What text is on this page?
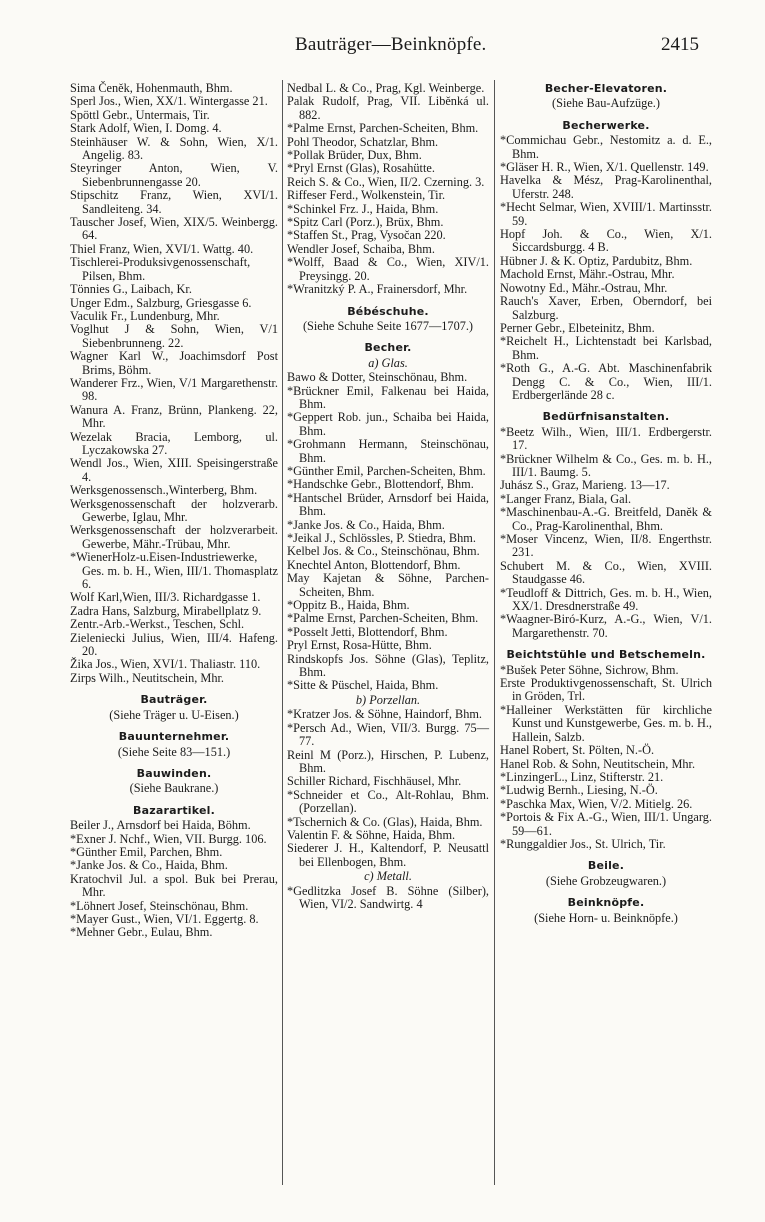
Bauträger—Beinknöpfe.	2415

Sima Čeněk, Hohenmauth, Bhm.

Sperl Jos., Wien, XX/1. Wintergasse 21.

Spöttl Gebr., Untermais, Tir.

Stark Adolf, Wien, I. Domg. 4.

Steinhäuser W. & Sohn, Wien, X/1. Angelig. 83.

Steyringer Anton, Wien, V. Siebenbrunnengasse 20.

Stipschitz Franz, Wien, XVI/1. Sandleiteng. 34.

Tauscher Josef, Wien, XIX/5. Weinbergg. 64.

Thiel Franz, Wien, XVI/1. Wattg. 40.

Tischlerei-Produksivgenossenschaft, Pilsen, Bhm.

Tönnies G., Laibach, Kr.

Unger Edm., Salzburg, Griesgasse 6.

Vaculik Fr., Lundenburg, Mhr.

Voglhut J & Sohn, Wien, V/1 Siebenbrunneng. 22.

Wagner Karl W., Joachimsdorf Post Brims, Böhm.

Wanderer Frz., Wien, V/1 Margarethenstr. 98.

Wanura A. Franz, Brünn, Plankeng. 22, Mhr.

Wezelak Bracia, Lemborg, ul. Lyczakowska 27.

Wendl Jos., Wien, XIII. Speisingerstraße 4.

Werksgenossensch.,Winterberg, Bhm.

Werksgenossenschaft der holzverarb. Gewerbe, Iglau, Mhr.

Werksgenossenschaft der holzverarbeit. Gewerbe, Mähr.-Trübau, Mhr.

*WienerHolz-u.Eisen-Industriewerke, Ges. m. b. H., Wien, III/1. Thomasplatz 6.

Wolf Karl,Wien, III/3. Richardgasse 1.

Zadra Hans, Salzburg, Mirabellplatz 9.

Zentr.-Arb.-Werkst., Teschen, Schl.

Zieleniecki Julius, Wien, III/4. Hafeng. 20.

Žika Jos., Wien, XVI/1. Thaliastr. 110.

Zirps Wilh., Neutitschein, Mhr.

Bauträger.
(Siehe Träger u. U-Eisen.)
Bauunternehmer.
(Siehe Seite 83—151.)
Bauwinden.
(Siehe Baukrane.)
Bazarartikel.

Beiler J., Arnsdorf bei Haida, Böhm.

*Exner J. Nchf., Wien, VII. Burgg. 106.

*Günther Emil, Parchen, Bhm.

*Janke Jos. & Co., Haida, Bhm.

Kratochvil Jul. a spol. Buk bei Prerau, Mhr.

*Löhnert Josef, Steinschönau, Bhm.

*Mayer Gust., Wien, VI/1. Eggertg. 8.

*Mehner Gebr., Eulau, Bhm.

Nedbal L. & Co., Prag, Kgl. Weinberge.

Palak Rudolf, Prag, VII. Liběnká ul. 882.

*Palme Ernst, Parchen-Scheiten, Bhm.

Pohl Theodor, Schatzlar, Bhm.

*Pollak Brüder, Dux, Bhm.

*Pryl Ernst (Glas), Rosahütte.

Reich S. & Co., Wien, II/2. Czerning. 3.

Riffeser Ferd., Wolkenstein, Tir.

*Schinkel Frz. J., Haida, Bhm.

*Spitz Carl (Porz.), Brüx, Bhm.

*Staffen St., Prag, Vysočan 220.

Wendler Josef, Schaiba, Bhm.

*Wolff, Baad & Co., Wien, XIV/1. Preysingg. 20.

*Wranitzký P. A., Frainersdorf, Mhr.

Bébéschuhe.
(Siehe Schuhe Seite 1677—1707.)
Becher.
a) Glas.

Bawo & Dotter, Steinschönau, Bhm.

*Brückner Emil, Falkenau bei Haida, Bhm.

*Geppert Rob. jun., Schaiba bei Haida, Bhm.

*Grohmann Hermann, Steinschönau, Bhm.

*Günther Emil, Parchen-Scheiten, Bhm.

*Handschke Gebr., Blottendorf, Bhm.

*Hantschel Brüder, Arnsdorf bei Haida, Bhm.

*Janke Jos. & Co., Haida, Bhm.

*Jeikal J., Schlössles, P. Stiedra, Bhm.

Kelbel Jos. & Co., Steinschönau, Bhm.

Knechtel Anton, Blottendorf, Bhm.

May Kajetan & Söhne, Parchen-Scheiten, Bhm.

*Oppitz B., Haida, Bhm.

*Palme Ernst, Parchen-Scheiten, Bhm.

*Posselt Jetti, Blottendorf, Bhm.

Pryl Ernst, Rosa-Hütte, Bhm.

Rindskopfs Jos. Söhne (Glas), Teplitz, Bhm.

*Sitte & Püschel, Haida, Bhm.

b) Porzellan.

*Kratzer Jos. & Söhne, Haindorf, Bhm.

*Persch Ad., Wien, VII/3. Burgg. 75—77.

Reinl M (Porz.), Hirschen, P. Lubenz, Bhm.

Schiller Richard, Fischhäusel, Mhr.

*Schneider et Co., Alt-Rohlau, Bhm. (Porzellan).

*Tschernich & Co. (Glas), Haida, Bhm.

Valentin F. & Söhne, Haida, Bhm.

Siederer J. H., Kaltendorf, P. Neusattl bei Ellenbogen, Bhm.

c) Metall.

*Gedlitzka Josef B. Söhne (Silber), Wien, VI/2. Sandwirtg. 4

Becher-Elevatoren.
(Siehe Bau-Aufzüge.)
Becherwerke.

*Commichau Gebr., Nestomitz a. d. E., Bhm.

*Gläser H. R., Wien, X/1. Quellenstr. 149.

Havelka & Mész, Prag-Karolinenthal, Uferstr. 248.

*Hecht Selmar, Wien, XVIII/1. Martinsstr. 59.

Hopf Joh. & Co., Wien, X/1. Siccardsburgg. 4 B.

Hübner J. & K. Optiz, Pardubitz, Bhm.

Machold Ernst, Mähr.-Ostrau, Mhr.

Nowotny Ed., Mähr.-Ostrau, Mhr.

Rauch's Xaver, Erben, Oberndorf, bei Salzburg.

Perner Gebr., Elbeteinitz, Bhm.

*Reichelt H., Lichtenstadt bei Karlsbad, Bhm.

*Roth G., A.-G. Abt. Maschinenfabrik Dengg C. & Co., Wien, III/1. Erdbergerlände 28 c.

Bedürfnisanstalten.

*Beetz Wilh., Wien, III/1. Erdbergerstr. 17.

*Brückner Wilhelm & Co., Ges. m. b. H., III/1. Baumg. 5.

Juhász S., Graz, Marieng. 13—17.

*Langer Franz, Biala, Gal.

*Maschinenbau-A.-G. Breitfeld, Daněk & Co., Prag-Karolinenthal, Bhm.

*Moser Vincenz, Wien, II/8. Engerthstr. 231.

Schubert M. & Co., Wien, XVIII. Staudgasse 46.

*Teudloff & Dittrich, Ges. m. b. H., Wien, XX/1. Dresdnerstraße 49.

*Waagner-Biró-Kurz, A.-G., Wien, V/1. Margarethenstr. 70.

Beichtstühle und Betschemeln.

*Bušek Peter Söhne, Sichrow, Bhm.

Erste Produktivgenossenschaft, St. Ulrich in Gröden, Trl.

*Halleiner Werkstätten für kirchliche Kunst und Kunstgewerbe, Ges. m. b. H., Hallein, Salzb.

Hanel Robert, St. Pölten, N.-Ö.

Hanel Rob. & Sohn, Neutitschein, Mhr.

*LinzingerL., Linz, Stifterstr. 21.

*Ludwig Bernh., Liesing, N.-Ö.

*Paschka Max, Wien, V/2. Mitielg. 26.

*Portois & Fix A.-G., Wien, III/1. Ungarg. 59—61.

*Runggaldier Jos., St. Ulrich, Tir.

Beile.
(Siehe Grobzeugwaren.)
Beinknöpfe.
(Siehe Horn- u. Beinknöpfe.)
